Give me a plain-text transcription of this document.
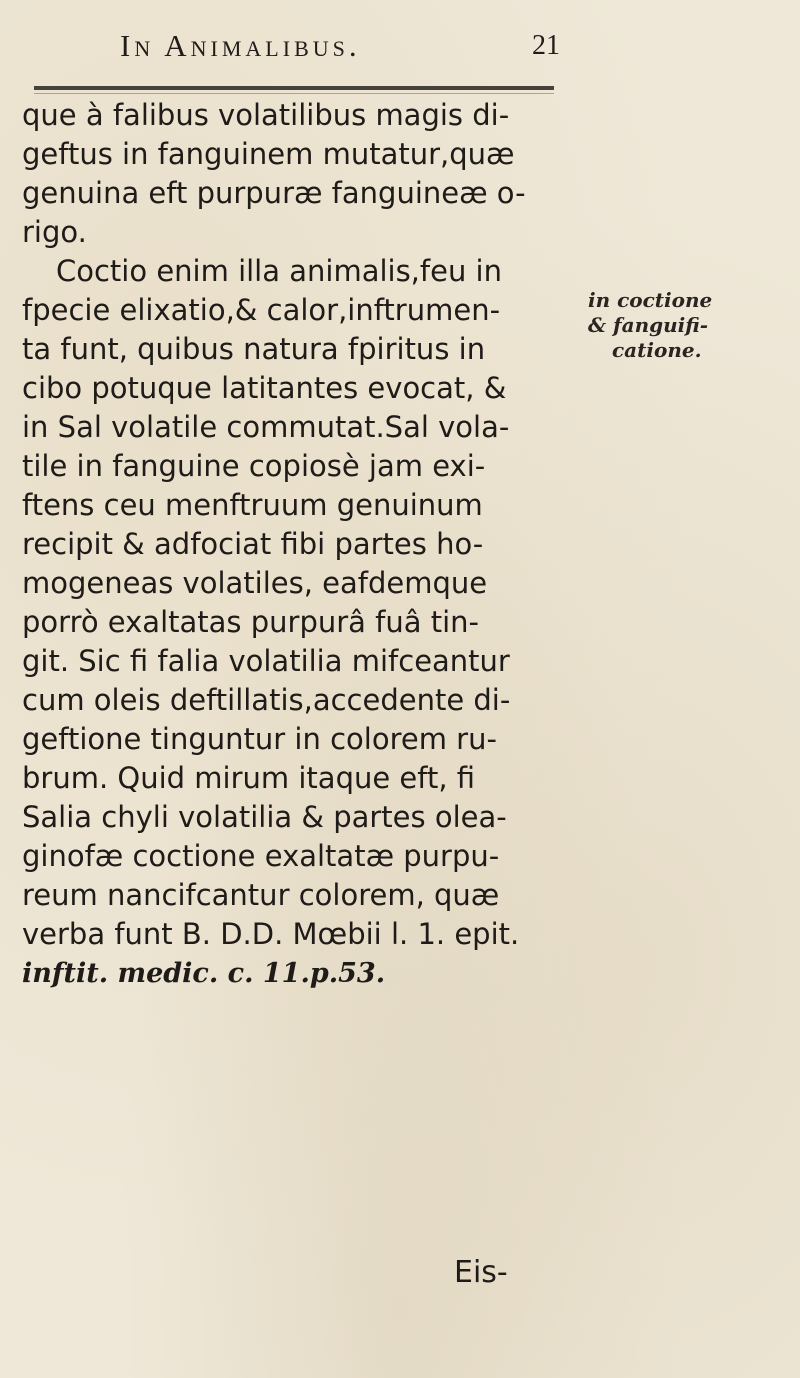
In Animalibus.	21
que à falibus volatilibus magis di-
geftus in fanguinem mutatur,quæ
genuina eft purpuræ fanguineæ o-
rigo.
Coctio enim illa animalis,feu in
fpecie elixatio,& calor,inftrumen-
ta funt, quibus natura fpiritus in
cibo potuque latitantes evocat, &
in Sal volatile commutat.Sal vola-
tile in fanguine copiosè jam exi-
ftens ceu menftruum genuinum
recipit & adfociat fibi partes ho-
mogeneas volatiles, eafdemque
porrò exaltatas purpurâ fuâ tin-
git. Sic fi falia volatilia mifceantur
cum oleis deftillatis,accedente di-
geftione tinguntur in colorem ru-
brum. Quid mirum itaque eft, fi
Salia chyli volatilia & partes olea-
ginofæ coctione exaltatæ purpu-
reum nancifcantur colorem, quæ
verba funt B. D.D. Mœbii l. 1. epit.
inftit. medic. c. 11.p.53.
in coctione
& fanguifi-
catione.
Eis-
